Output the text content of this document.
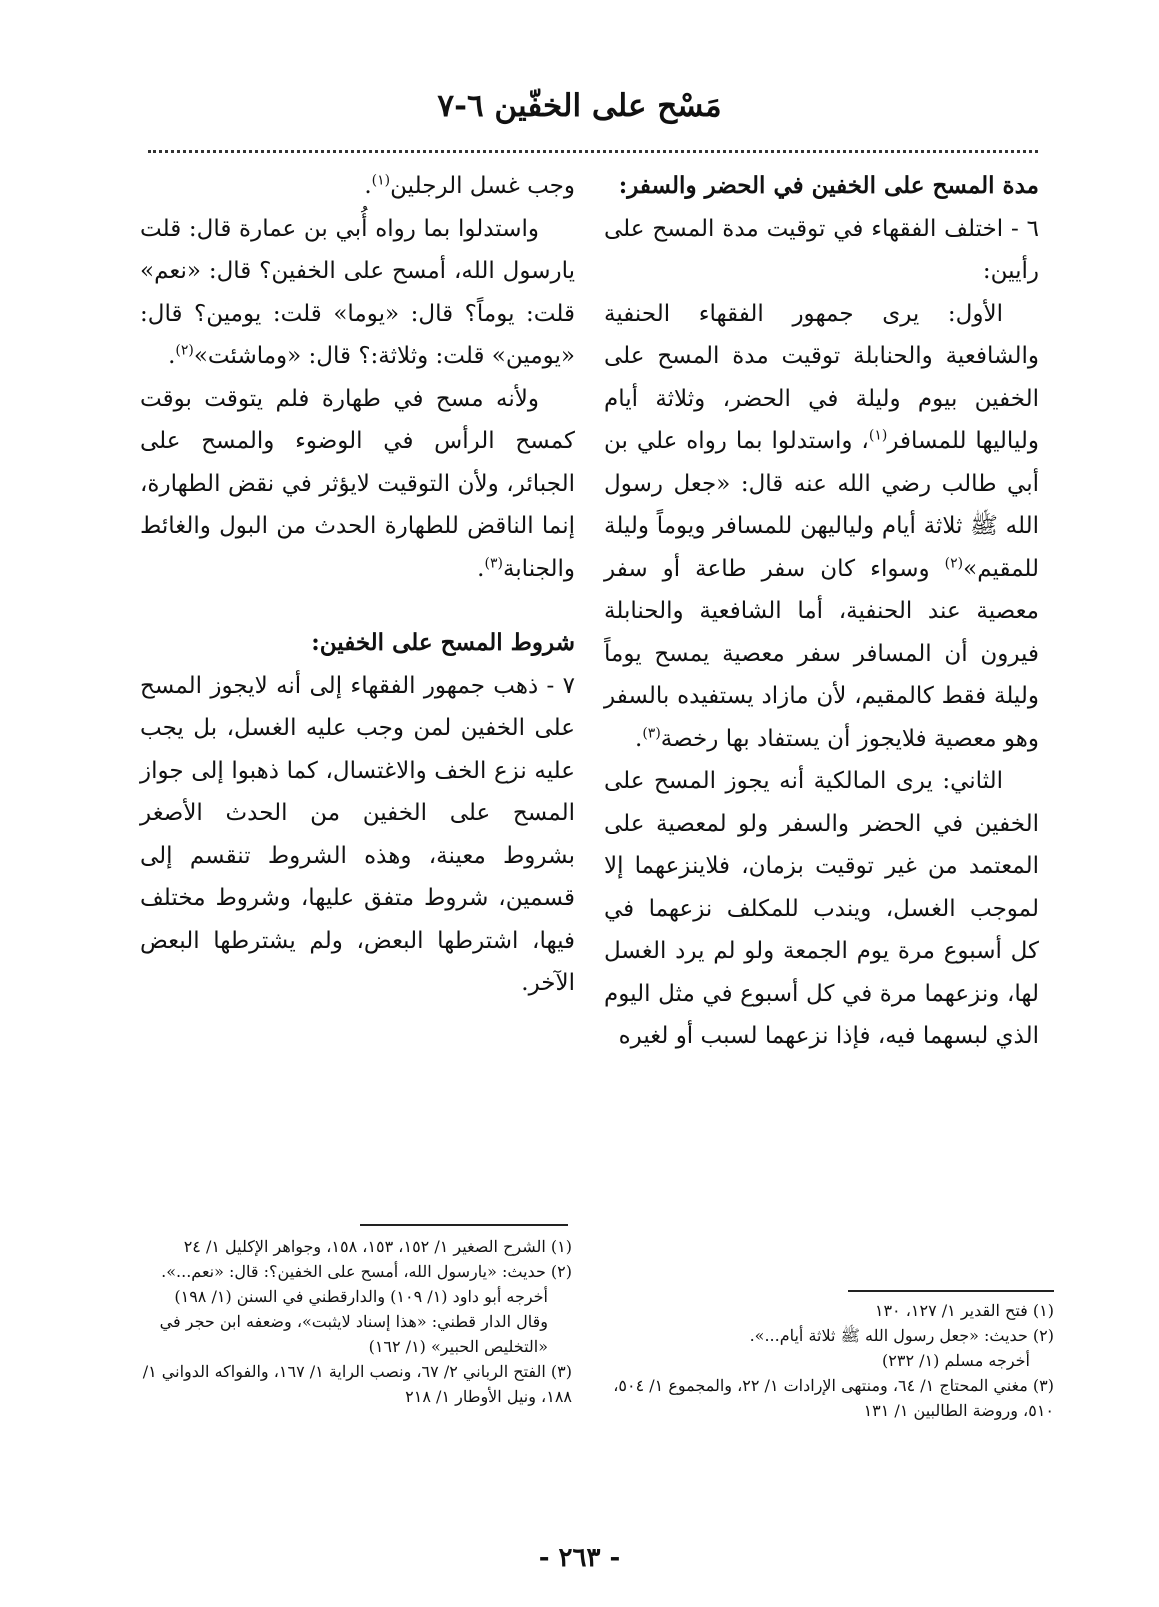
مَسْح على الخفّين ٦-٧

مدة المسح على الخفين في الحضر والسفر:

٦ - اختلف الفقهاء في توقيت مدة المسح على رأيين:

الأول: يرى جمهور الفقهاء الحنفية والشافعية والحنابلة توقيت مدة المسح على الخفين بيوم وليلة في الحضر، وثلاثة أيام ولياليها للمسافر$^{(١)}$، واستدلوا بما رواه علي بن أبي طالب رضي الله عنه قال: «جعل رسول الله ﷺ ثلاثة أيام ولياليهن للمسافر ويوماً وليلة للمقيم»$^{(٢)}$ وسواء كان سفر طاعة أو سفر معصية عند الحنفية، أما الشافعية والحنابلة فيرون أن المسافر سفر معصية يمسح يوماً وليلة فقط كالمقيم، لأن مازاد يستفيده بالسفر وهو معصية فلايجوز أن يستفاد بها رخصة$^{(٣)}$.

الثاني: يرى المالكية أنه يجوز المسح على الخفين في الحضر والسفر ولو لمعصية على المعتمد من غير توقيت بزمان، فلاينزعهما إلا لموجب الغسل، ويندب للمكلف نزعهما في كل أسبوع مرة يوم الجمعة ولو لم يرد الغسل لها، ونزعهما مرة في كل أسبوع في مثل اليوم الذي لبسهما فيه، فإذا نزعهما لسبب أو لغيره

وجب غسل الرجلين$^{(١)}$.

واستدلوا بما رواه أُبي بن عمارة قال: قلت يارسول الله، أمسح على الخفين؟ قال: «نعم» قلت: يوماً؟ قال: «يوما» قلت: يومين؟ قال: «يومين» قلت: وثلاثة:؟ قال: «وماشئت»$^{(٢)}$.

ولأنه مسح في طهارة فلم يتوقت بوقت كمسح الرأس في الوضوء والمسح على الجبائر، ولأن التوقيت لايؤثر في نقض الطهارة، إنما الناقض للطهارة الحدث من البول والغائط والجنابة$^{(٣)}$.

شروط المسح على الخفين:

٧ - ذهب جمهور الفقهاء إلى أنه لايجوز المسح على الخفين لمن وجب عليه الغسل، بل يجب عليه نزع الخف والاغتسال، كما ذهبوا إلى جواز المسح على الخفين من الحدث الأصغر بشروط معينة، وهذه الشروط تنقسم إلى قسمين، شروط متفق عليها، وشروط مختلف فيها، اشترطها البعض، ولم يشترطها البعض الآخر.

(١) فتح القدير ١/ ١٢٧، ١٣٠

(٢) حديث: «جعل رسول الله ﷺ ثلاثة أيام...».

أخرجه مسلم (١/ ٢٣٢)

(٣) مغني المحتاج ١/ ٦٤، ومنتهى الإرادات ١/ ٢٢، والمجموع ١/ ٥٠٤، ٥١٠، وروضة الطالبين ١/ ١٣١

(١) الشرح الصغير ١/ ١٥٢، ١٥٣، ١٥٨، وجواهر الإكليل ١/ ٢٤

(٢) حديث: «يارسول الله، أمسح على الخفين؟: قال: «نعم...».

أخرجه أبو داود (١/ ١٠٩) والدارقطني في السنن (١/ ١٩٨) وقال الدار قطني: «هذا إسناد لايثبت»، وضعفه ابن حجر في «التخليص الحبير» (١/ ١٦٢)

(٣) الفتح الرباني ٢/ ٦٧، ونصب الراية ١/ ١٦٧، والفواكه الدواني ١/ ١٨٨، ونيل الأوطار ١/ ٢١٨

- ٢٦٣ -
